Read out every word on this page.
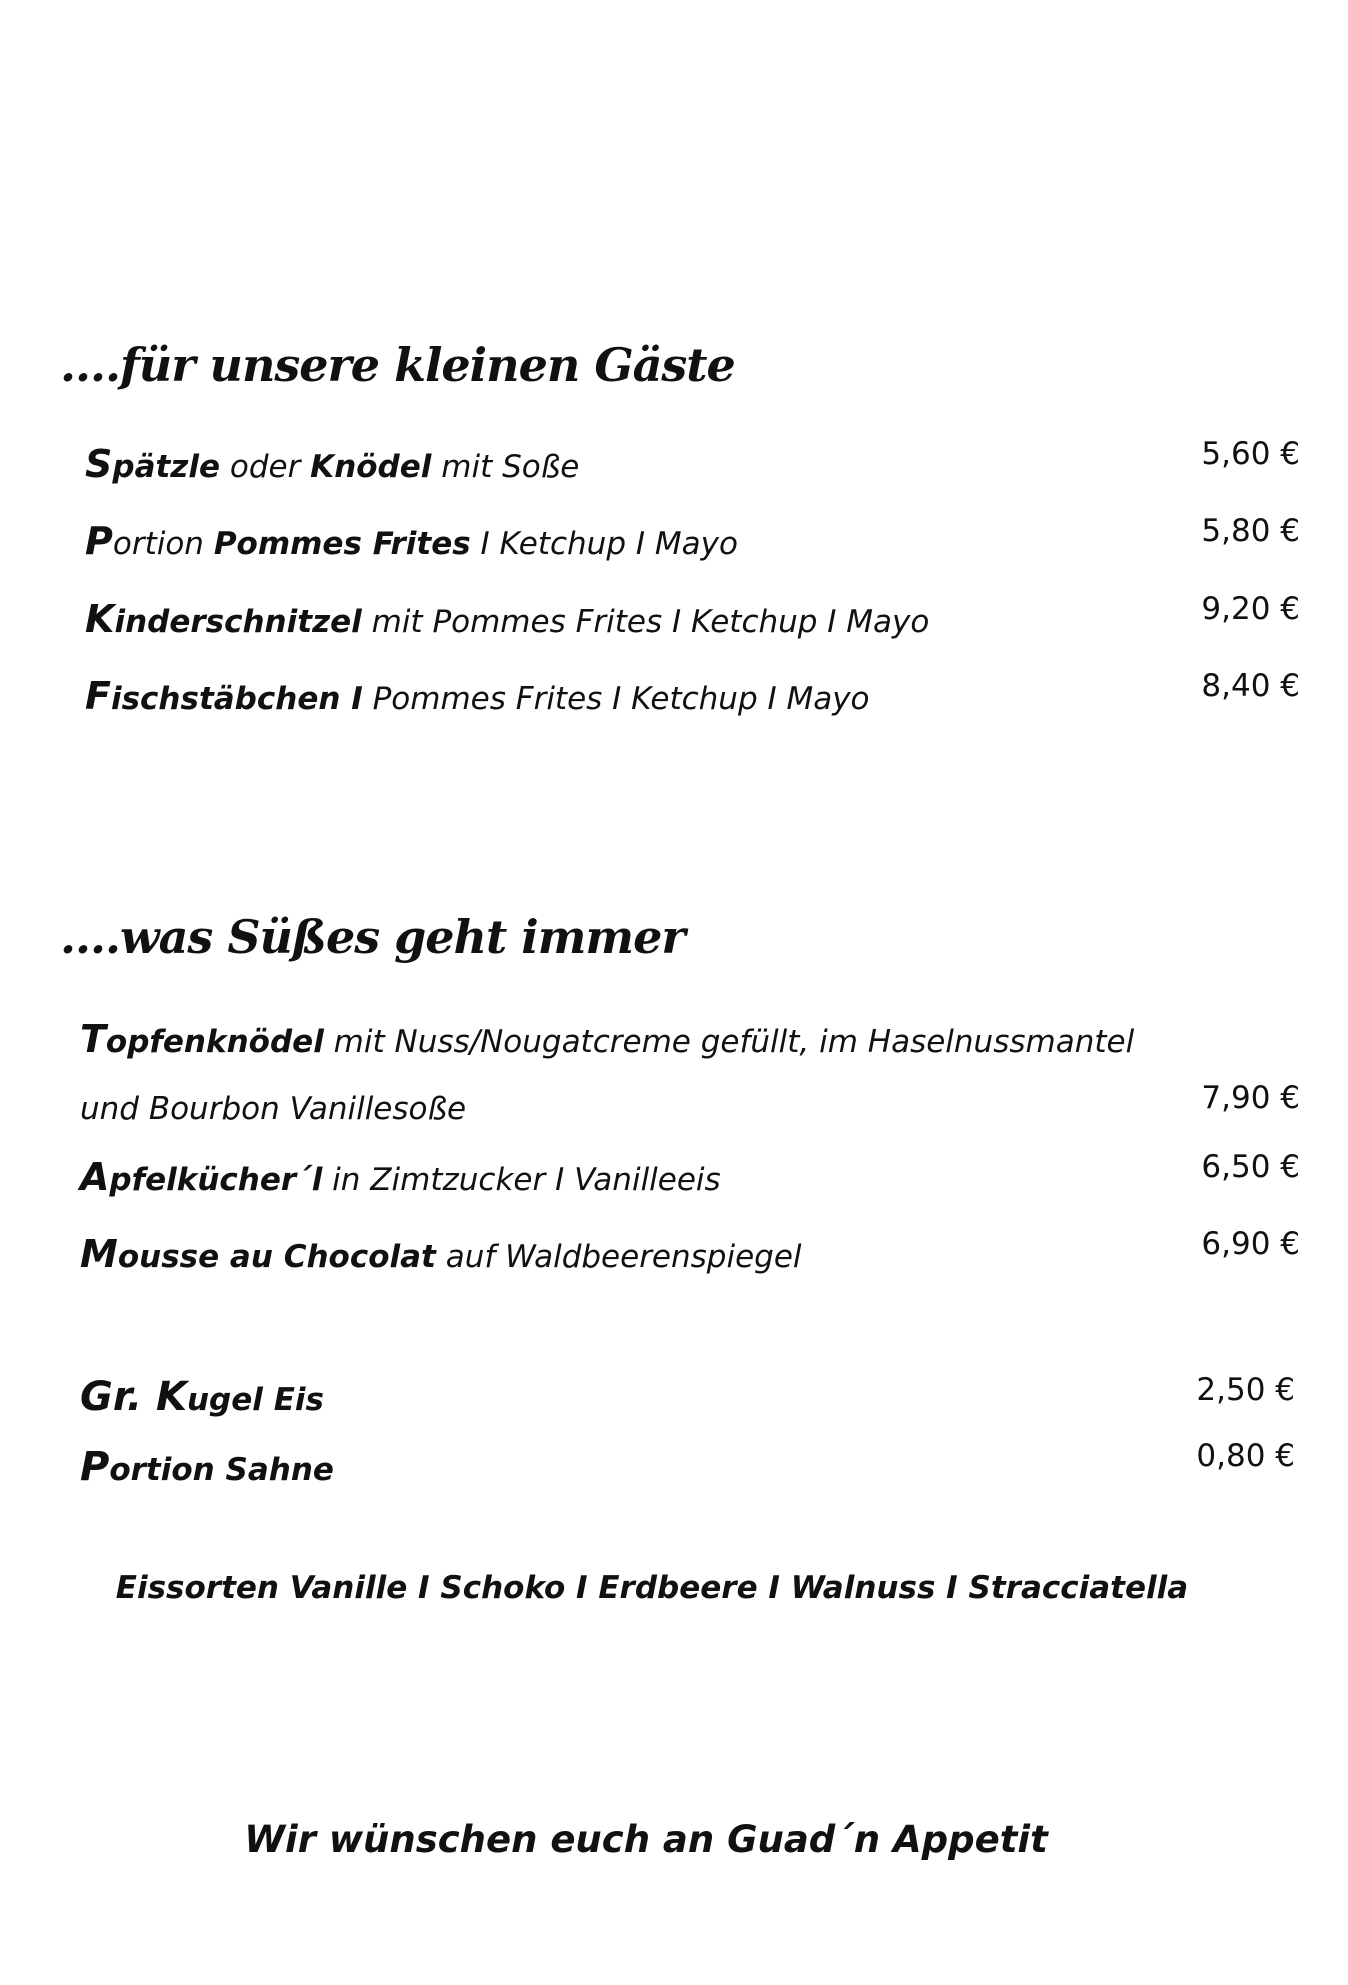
….für unsere kleinen Gäste
Spätzle oder Knödel mit Soße	5,60 €
Portion Pommes Frites I Ketchup I Mayo	5,80 €
Kinderschnitzel mit Pommes Frites I Ketchup I Mayo	9,20 €
Fischstäbchen I Pommes Frites I Ketchup I Mayo	8,40 €
….was Süßes geht immer
Topfenknödel mit Nuss/Nougatcreme gefüllt, im Haselnussmantel
und Bourbon Vanillesoße	7,90 €
Apfelkücher´l in Zimtzucker I Vanilleeis	6,50 €
Mousse au Chocolat auf Waldbeerenspiegel	6,90 €
Gr. Kugel Eis	2,50 €
Portion Sahne	0,80 €
Eissorten Vanille I Schoko I Erdbeere I Walnuss I Stracciatella
Wir wünschen euch an Guad´n Appetit
